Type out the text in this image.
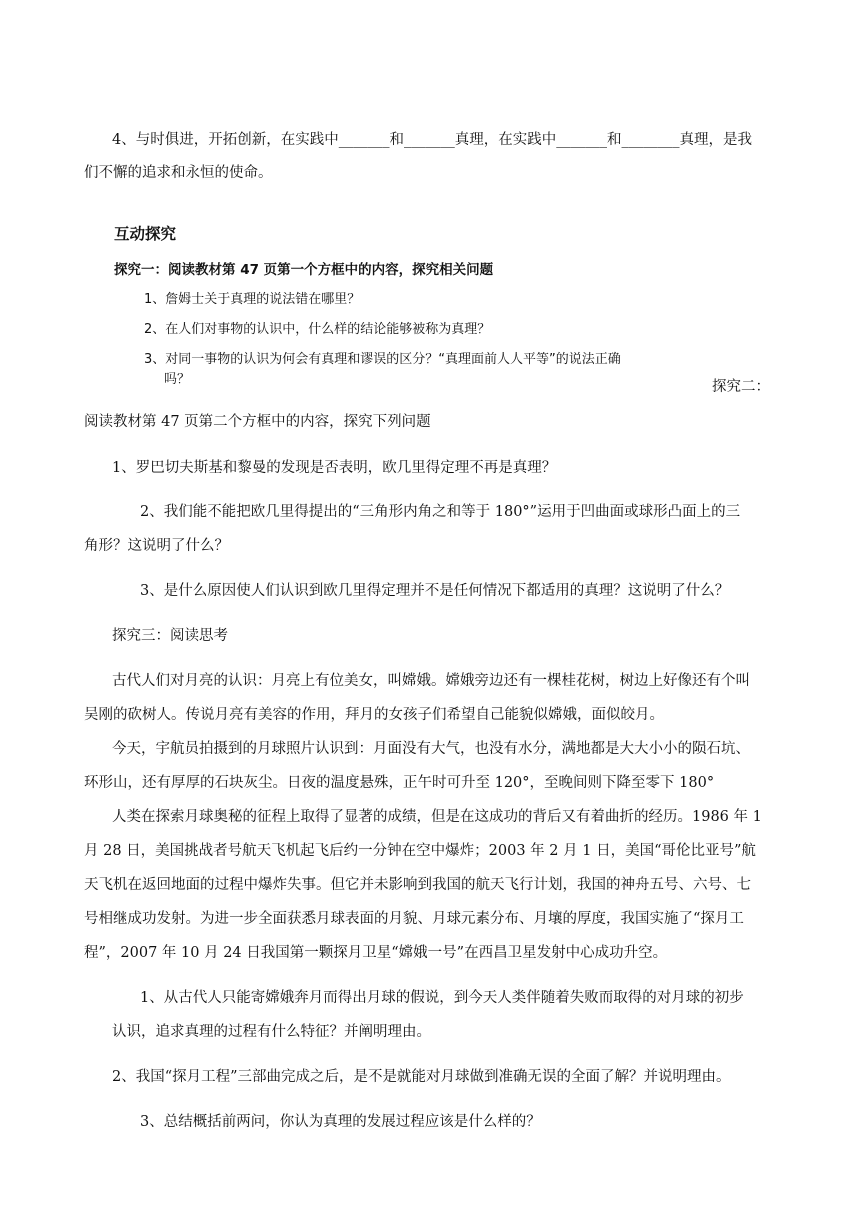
4、与时俱进，开拓创新，在实践中_______和_______真理，在实践中_______和________真理，是我
们不懈的追求和永恒的使命。
互动探究
探究一：阅读教材第 47 页第一个方框中的内容，探究相关问题
1、詹姆士关于真理的说法错在哪里？
2、在人们对事物的认识中，什么样的结论能够被称为真理？
3、对同一事物的认识为何会有真理和谬误的区分？“真理面前人人平等”的说法正确
吗？	探究二：
阅读教材第 47 页第二个方框中的内容，探究下列问题
1、罗巴切夫斯基和黎曼的发现是否表明，欧几里得定理不再是真理？
2、我们能不能把欧几里得提出的“三角形内角之和等于 180°”运用于凹曲面或球形凸面上的三
角形？这说明了什么？
3、是什么原因使人们认识到欧几里得定理并不是任何情况下都适用的真理？这说明了什么？
探究三：阅读思考
古代人们对月亮的认识：月亮上有位美女，叫嫦娥。嫦娥旁边还有一棵桂花树，树边上好像还有个叫
吴刚的砍树人。传说月亮有美容的作用，拜月的女孩子们希望自己能貌似嫦娥，面似皎月。
今天，宇航员拍摄到的月球照片认识到：月面没有大气，也没有水分，满地都是大大小小的陨石坑、
环形山，还有厚厚的石块灰尘。日夜的温度悬殊，正午时可升至 120°，至晚间则下降至零下 180°
人类在探索月球奥秘的征程上取得了显著的成绩，但是在这成功的背后又有着曲折的经历。1986 年 1
月 28 日，美国挑战者号航天飞机起飞后约一分钟在空中爆炸；2003 年 2 月 1 日，美国“哥伦比亚号”航
天飞机在返回地面的过程中爆炸失事。但它并未影响到我国的航天飞行计划，我国的神舟五号、六号、七
号相继成功发射。为进一步全面获悉月球表面的月貌、月球元素分布、月壤的厚度，我国实施了“探月工
程”，2007 年 10 月 24 日我国第一颗探月卫星“嫦娥一号”在西昌卫星发射中心成功升空。
1、从古代人只能寄嫦娥奔月而得出月球的假说，到今天人类伴随着失败而取得的对月球的初步
认识，追求真理的过程有什么特征？并阐明理由。
2、我国“探月工程”三部曲完成之后，是不是就能对月球做到准确无误的全面了解？并说明理由。
3、总结概括前两问，你认为真理的发展过程应该是什么样的？
